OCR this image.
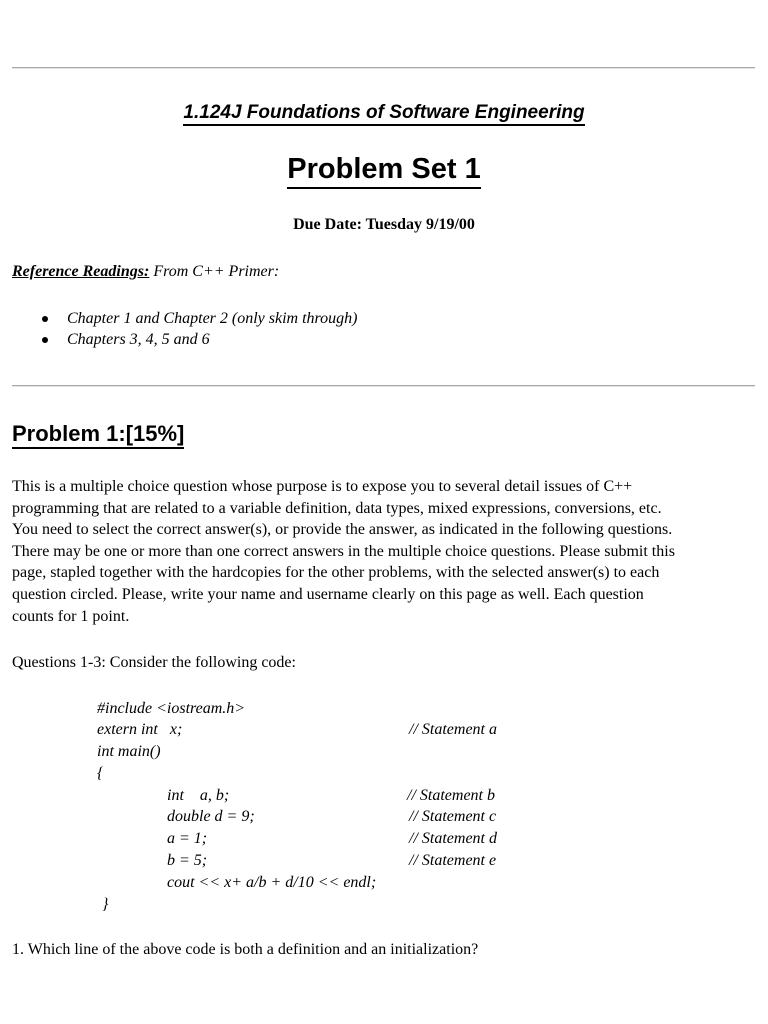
1.124J Foundations of Software Engineering
Problem Set 1
Due Date: Tuesday 9/19/00
Reference Readings: From C++ Primer:
Chapter 1 and Chapter 2 (only skim through)
Chapters 3, 4, 5 and 6
Problem 1:[15%]
This is a multiple choice question whose purpose is to expose you to several detail issues of C++
programming that are related to a variable definition, data types, mixed expressions, conversions, etc.
You need to select the correct answer(s), or provide the answer, as indicated in the following questions.
There may be one or more than one correct answers in the multiple choice questions. Please submit this
page, stapled together with the hardcopies for the other problems, with the selected answer(s) to each
question circled. Please, write your name and username clearly on this page as well. Each question
counts for 1 point.
Questions 1-3: Consider the following code:
#include <iostream.h>
extern int   x;	// Statement a
int main()
{
int    a, b;	// Statement b
double d = 9;	// Statement c
a = 1;	// Statement d
b = 5;	// Statement e
cout << x+ a/b + d/10 << endl;
}
1. Which line of the above code is both a definition and an initialization?
